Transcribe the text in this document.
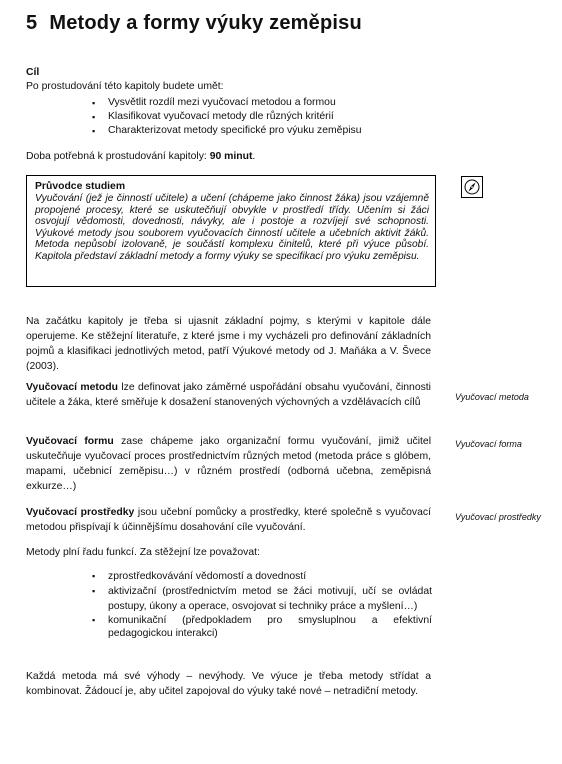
5 Metody a formy výuky zeměpisu
Cíl
Po prostudování této kapitoly budete umět:
▪ Vysvětlit rozdíl mezi vyučovací metodou a formou
▪ Klasifikovat vyučovací metody dle různých kritérií
▪ Charakterizovat metody specifické pro výuku zeměpisu
Doba potřebná k prostudování kapitoly: 90 minut.
Průvodce studiem

Vyučování (jež je činností učitele) a učení (chápeme jako činnost žáka) jsou vzájemně propojené procesy, které se uskutečňují obvykle v prostředí třídy. Učením si žáci osvojují vědomosti, dovednosti, návyky, ale i postoje a rozvíjejí své schopnosti. Výukové metody jsou souborem vyučovacích činností učitele a učebních aktivit žáků. Metoda nepůsobí izolovaně, je součástí komplexu činitelů, které při výuce působí. Kapitola představí základní metody a formy výuky se specifikací pro výuku zeměpisu.

Na začátku kapitoly je třeba si ujasnit základní pojmy, s kterými v kapitole dále operujeme. Ke stěžejní literatuře, z které jsme i my vycházeli pro definování základních pojmů a klasifikaci jednotlivých metod, patří Výukové metody od J. Maňáka a V. Švece (2003).

Vyučovací metodu lze definovat jako záměrné uspořádání obsahu vyučování, činnosti učitele a žáka, které směřuje k dosažení stanovených výchovných a vzdělávacích cílů	Vyučovací metoda

Vyučovací formu zase chápeme jako organizační formu vyučování, jimiž učitel uskutečňuje vyučovací proces prostřednictvím různých metod (metoda práce s glóbem, mapami, učebnicí zeměpisu…) v různém prostředí (odborná učebna, zeměpisná exkurze…)

Vyučovací forma

Vyučovací prostředky jsou učební pomůcky a prostředky, které společně s vyučovací metodou přispívají k účinnějšímu dosahování cíle vyučování.

Vyučovací prostředky
Metody plní řadu funkcí. Za stěžejní lze považovat:
▪ zprostředkovávání vědomostí a dovedností
▪ aktivizační (prostřednictvím metod se žáci motivují, učí se ovládat postupy, úkony a operace, osvojovat si techniky práce a myšlení…)
▪ komunikační (předpokladem pro smysluplnou a efektivní pedagogickou interakci)

Každá metoda má své výhody – nevýhody. Ve výuce je třeba metody střídat a kombinovat. Žádoucí je, aby učitel zapojoval do výuky také nové – netradiční metody.
